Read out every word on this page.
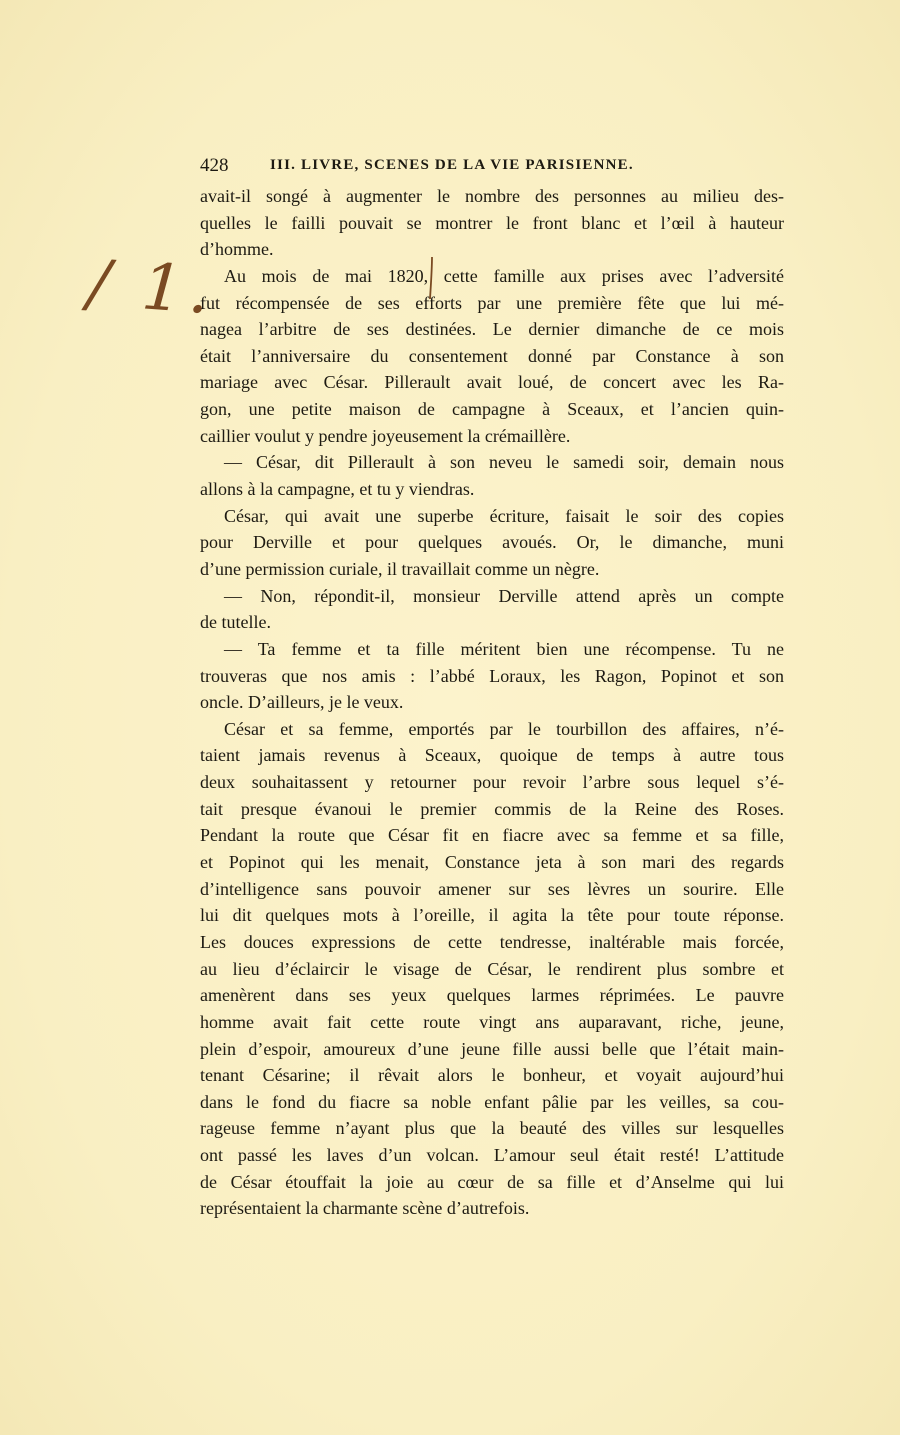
428	III. LIVRE, SCENES DE LA VIE PARISIENNE.
/ 1.
avait-il songé à augmenter le nombre des personnes au milieu des-
quelles le failli pouvait se montrer le front blanc et l’œil à hauteur
d’homme.
Au mois de mai 1820, cette famille aux prises avec l’adversité
fut récompensée de ses efforts par une première fête que lui mé-
nagea l’arbitre de ses destinées. Le dernier dimanche de ce mois
était l’anniversaire du consentement donné par Constance à son
mariage avec César. Pillerault avait loué, de concert avec les Ra-
gon, une petite maison de campagne à Sceaux, et l’ancien quin-
caillier voulut y pendre joyeusement la crémaillère.
— César, dit Pillerault à son neveu le samedi soir, demain nous
allons à la campagne, et tu y viendras.
César, qui avait une superbe écriture, faisait le soir des copies
pour Derville et pour quelques avoués. Or, le dimanche, muni
d’une permission curiale, il travaillait comme un nègre.
— Non, répondit-il, monsieur Derville attend après un compte
de tutelle.
— Ta femme et ta fille méritent bien une récompense. Tu ne
trouveras que nos amis : l’abbé Loraux, les Ragon, Popinot et son
oncle. D’ailleurs, je le veux.
César et sa femme, emportés par le tourbillon des affaires, n’é-
taient jamais revenus à Sceaux, quoique de temps à autre tous
deux souhaitassent y retourner pour revoir l’arbre sous lequel s’é-
tait presque évanoui le premier commis de la Reine des Roses.
Pendant la route que César fit en fiacre avec sa femme et sa fille,
et Popinot qui les menait, Constance jeta à son mari des regards
d’intelligence sans pouvoir amener sur ses lèvres un sourire. Elle
lui dit quelques mots à l’oreille, il agita la tête pour toute réponse.
Les douces expressions de cette tendresse, inaltérable mais forcée,
au lieu d’éclaircir le visage de César, le rendirent plus sombre et
amenèrent dans ses yeux quelques larmes réprimées. Le pauvre
homme avait fait cette route vingt ans auparavant, riche, jeune,
plein d’espoir, amoureux d’une jeune fille aussi belle que l’était main-
tenant Césarine; il rêvait alors le bonheur, et voyait aujourd’hui
dans le fond du fiacre sa noble enfant pâlie par les veilles, sa cou-
rageuse femme n’ayant plus que la beauté des villes sur lesquelles
ont passé les laves d’un volcan. L’amour seul était resté! L’attitude
de César étouffait la joie au cœur de sa fille et d’Anselme qui lui
représentaient la charmante scène d’autrefois.
